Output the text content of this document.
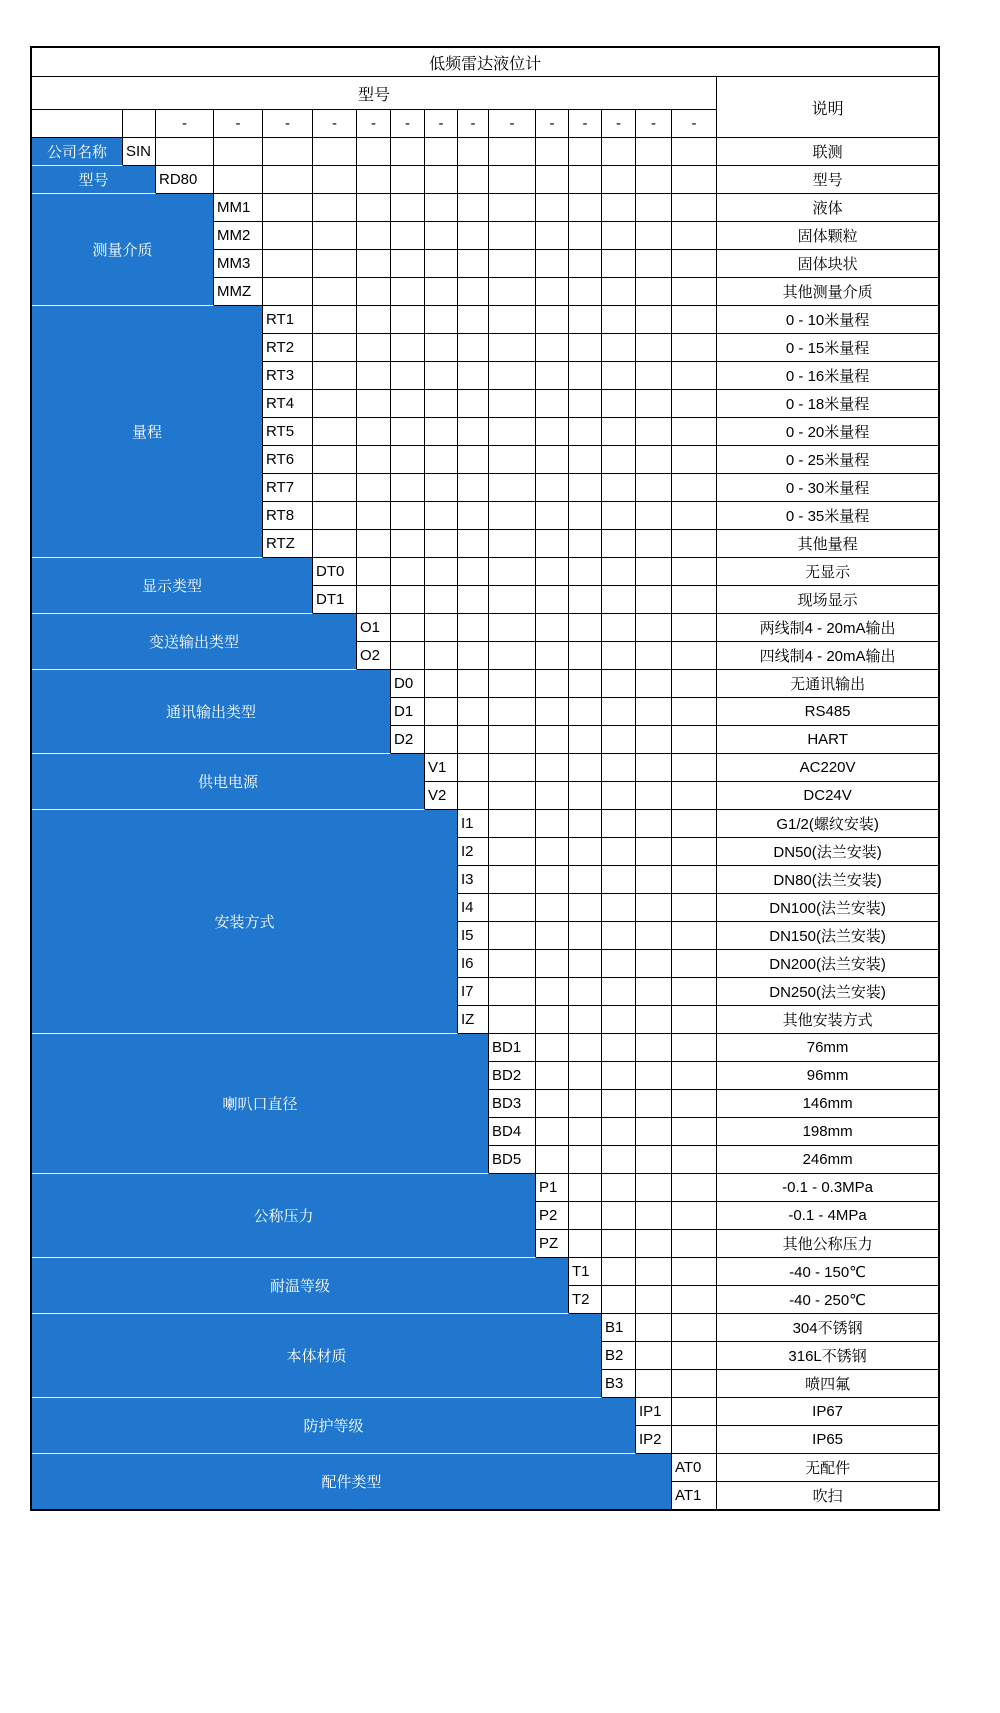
低频雷达液位计																
型号																说明
		-	-	-	-	-	-	-	-	-	-	-	-	-	-	
公司名称	SIN															联测
型号		RD80														型号
测量介质			MM1													液体
			MM2													固体颗粒
			MM3													固体块状
			MMZ													其他测量介质
量程				RT1												0 - 10米量程
				RT2												0 - 15米量程
				RT3												0 - 16米量程
				RT4												0 - 18米量程
				RT5												0 - 20米量程
				RT6												0 - 25米量程
				RT7												0 - 30米量程
				RT8												0 - 35米量程
				RTZ												其他量程
显示类型					DT0											无显示
					DT1											现场显示
变送输出类型						O1										两线制4 - 20mA输出
						O2										四线制4 - 20mA输出
通讯输出类型							D0									无通讯输出
							D1									RS485
							D2									HART
供电电源								V1								AC220V
								V2								DC24V
安装方式									I1							G1/2(螺纹安装)
									I2							DN50(法兰安装)
									I3							DN80(法兰安装)
									I4							DN100(法兰安装)
									I5							DN150(法兰安装)
									I6							DN200(法兰安装)
									I7							DN250(法兰安装)
									IZ							其他安装方式
喇叭口直径										BD1						76mm
										BD2						96mm
										BD3						146mm
										BD4						198mm
										BD5						246mm
公称压力											P1					-0.1 - 0.3MPa
											P2					-0.1 - 4MPa
											PZ					其他公称压力
耐温等级												T1				-40 - 150℃
												T2				-40 - 250℃
本体材质													B1			304不锈钢
													B2			316L不锈钢
													B3			喷四氟
防护等级														IP1		IP67
														IP2		IP65
配件类型															AT0	无配件
															AT1	吹扫
